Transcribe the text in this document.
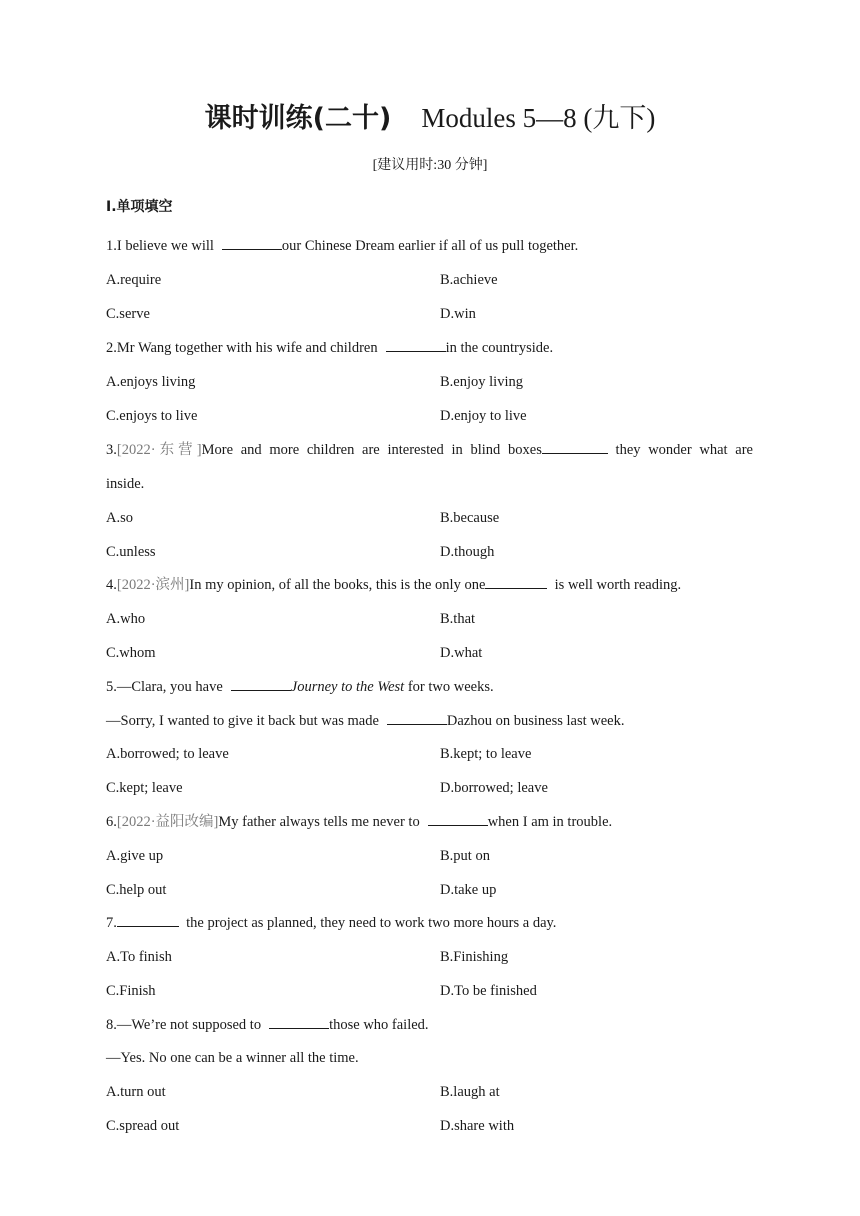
课时训练(二十) Modules 5—8 (九下)
[建议用时:30 分钟]
Ⅰ.单项填空
1.I believe we will	our Chinese Dream earlier if all of us pull together.
A.require	B.achieve
C.serve	D.win
2.Mr Wang together with his wife and children	in the countryside.
A.enjoys living	B.enjoy living
C.enjoys to live	D.enjoy to live
3.[2022·东营]More and more children are interested in blind boxes	they wonder what are
inside.
A.so	B.because
C.unless	D.though
4.[2022·滨州]In my opinion, of all the books, this is the only one	is well worth reading.
A.who	B.that
C.whom	D.what
5.—Clara, you have	Journey to the West for two weeks.
—Sorry, I wanted to give it back but was made	Dazhou on business last week.
A.borrowed; to leave	B.kept; to leave
C.kept; leave	D.borrowed; leave
6.[2022·益阳改编]My father always tells me never to	when I am in trouble.
A.give up	B.put on
C.help out	D.take up
7.	the project as planned, they need to work two more hours a day.
A.To finish	B.Finishing
C.Finish	D.To be finished
8.—We’re not supposed to	those who failed.
—Yes. No one can be a winner all the time.
A.turn out	B.laugh at
C.spread out	D.share with
